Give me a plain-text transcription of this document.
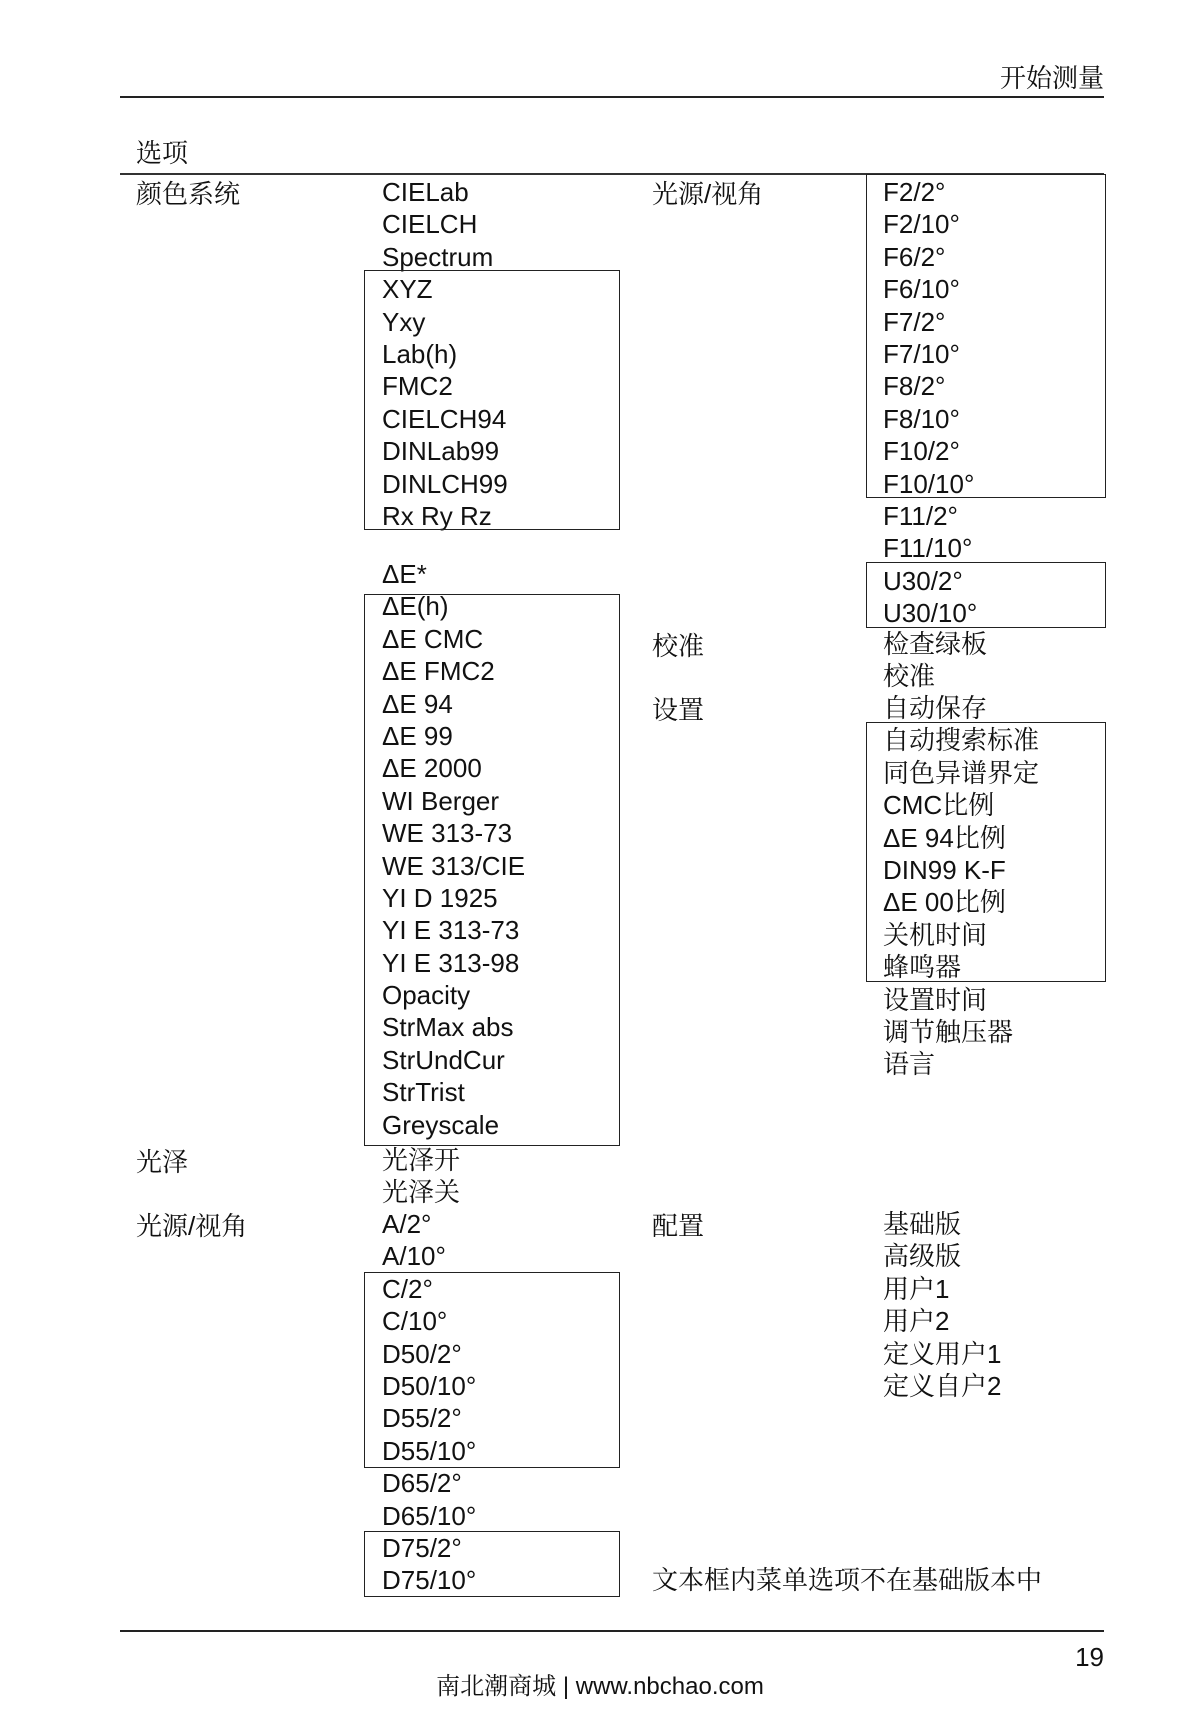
开始测量
选项
颜色系统
光泽
光源/视角
光源/视角
校准
设置
配置
CIELab
CIELCH
Spectrum
XYZ
Yxy
Lab(h)
FMC2
CIELCH94
DINLab99
DINLCH99
Rx Ry Rz
ΔE*
ΔE(h)
ΔE CMC
ΔE FMC2
ΔE 94
ΔE 99
ΔE 2000
WI Berger
WE 313-73
WE 313/CIE
YI D 1925
YI E 313-73
YI E 313-98
Opacity
StrMax abs
StrUndCur
StrTrist
Greyscale
光泽开
光泽关
A/2°
A/10°
C/2°
C/10°
D50/2°
D50/10°
D55/2°
D55/10°
D65/2°
D65/10°
D75/2°
D75/10°
F2/2°
F2/10°
F6/2°
F6/10°
F7/2°
F7/10°
F8/2°
F8/10°
F10/2°
F10/10°
F11/2°
F11/10°
U30/2°
U30/10°
检查绿板
校准
自动保存
自动搜索标准
同色异谱界定
CMC比例
ΔE 94比例
DIN99 K-F
ΔE 00比例
关机时间
蜂鸣器
设置时间
调节触压器
语言
基础版
高级版
用户1
用户2
定义用户1
定义自户2
文本框内菜单选项不在基础版本中
19
南北潮商城 | www.nbchao.com
